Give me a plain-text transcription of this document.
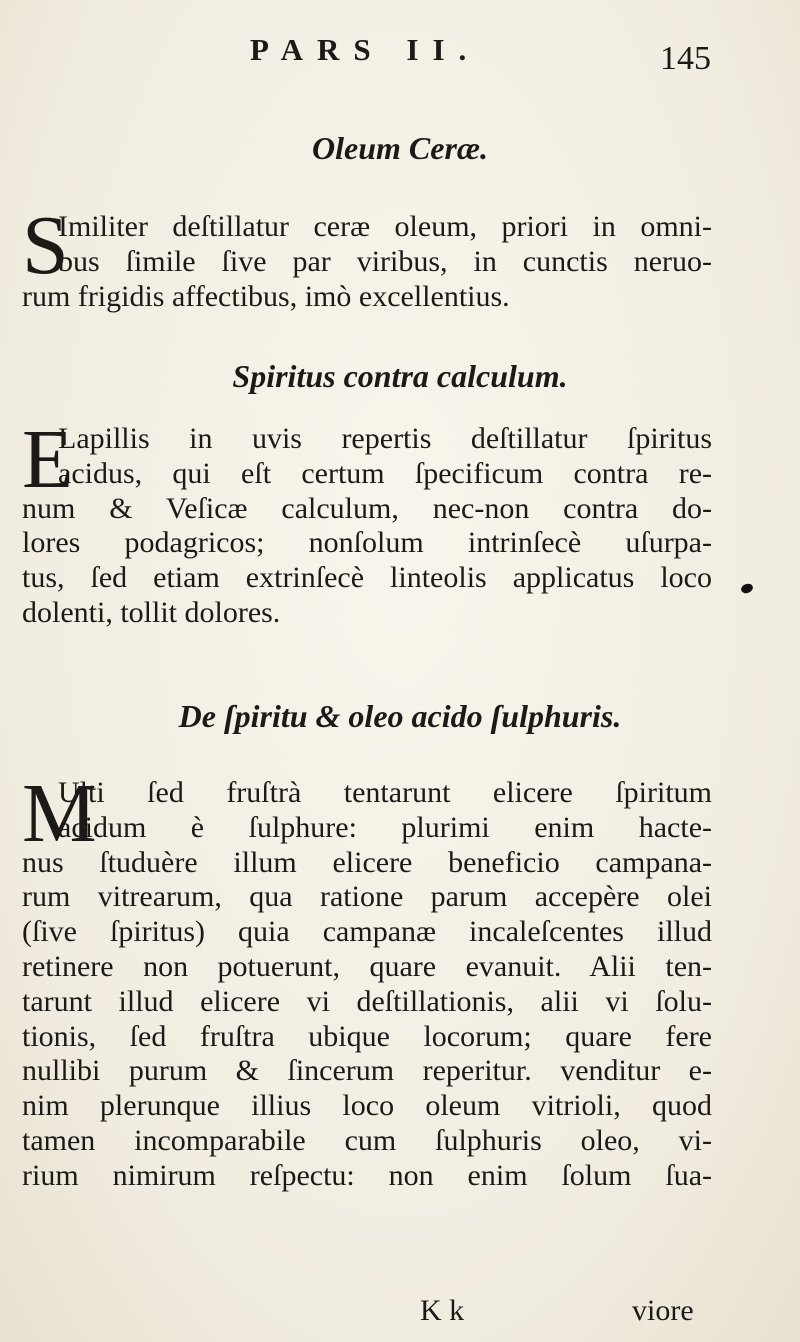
PARS II.	145
Oleum Ceræ.
S
Imiliter deſtillatur ceræ oleum, priori in omni-
bus ſimile ſive par viribus, in cunctis neruo-
rum frigidis affectibus, imò excellentius.
Spiritus contra calculum.
E
Lapillis in uvis repertis deſtillatur ſpiritus
acidus, qui eſt certum ſpecificum contra re-
num & Veſicæ calculum, nec-non contra do-
lores podagricos; nonſolum intrinſecè uſurpa-
tus, ſed etiam extrinſecè linteolis applicatus loco
dolenti, tollit dolores.
De ſpiritu & oleo acido ſulphuris.
M
Ulti ſed fruſtrà tentarunt elicere ſpiritum
acidum è ſulphure: plurimi enim hacte-
nus ſtuduère illum elicere beneficio campana-
rum vitrearum, qua ratione parum accepère olei
(ſive ſpiritus) quia campanæ incaleſcentes illud
retinere non potuerunt, quare evanuit. Alii ten-
tarunt illud elicere vi deſtillationis, alii vi ſolu-
tionis, ſed fruſtra ubique locorum; quare fere
nullibi purum & ſincerum reperitur. venditur e-
nim plerunque illius loco oleum vitrioli, quod
tamen incomparabile cum ſulphuris oleo, vi-
rium nimirum reſpectu: non enim ſolum ſua-
K k	viore
